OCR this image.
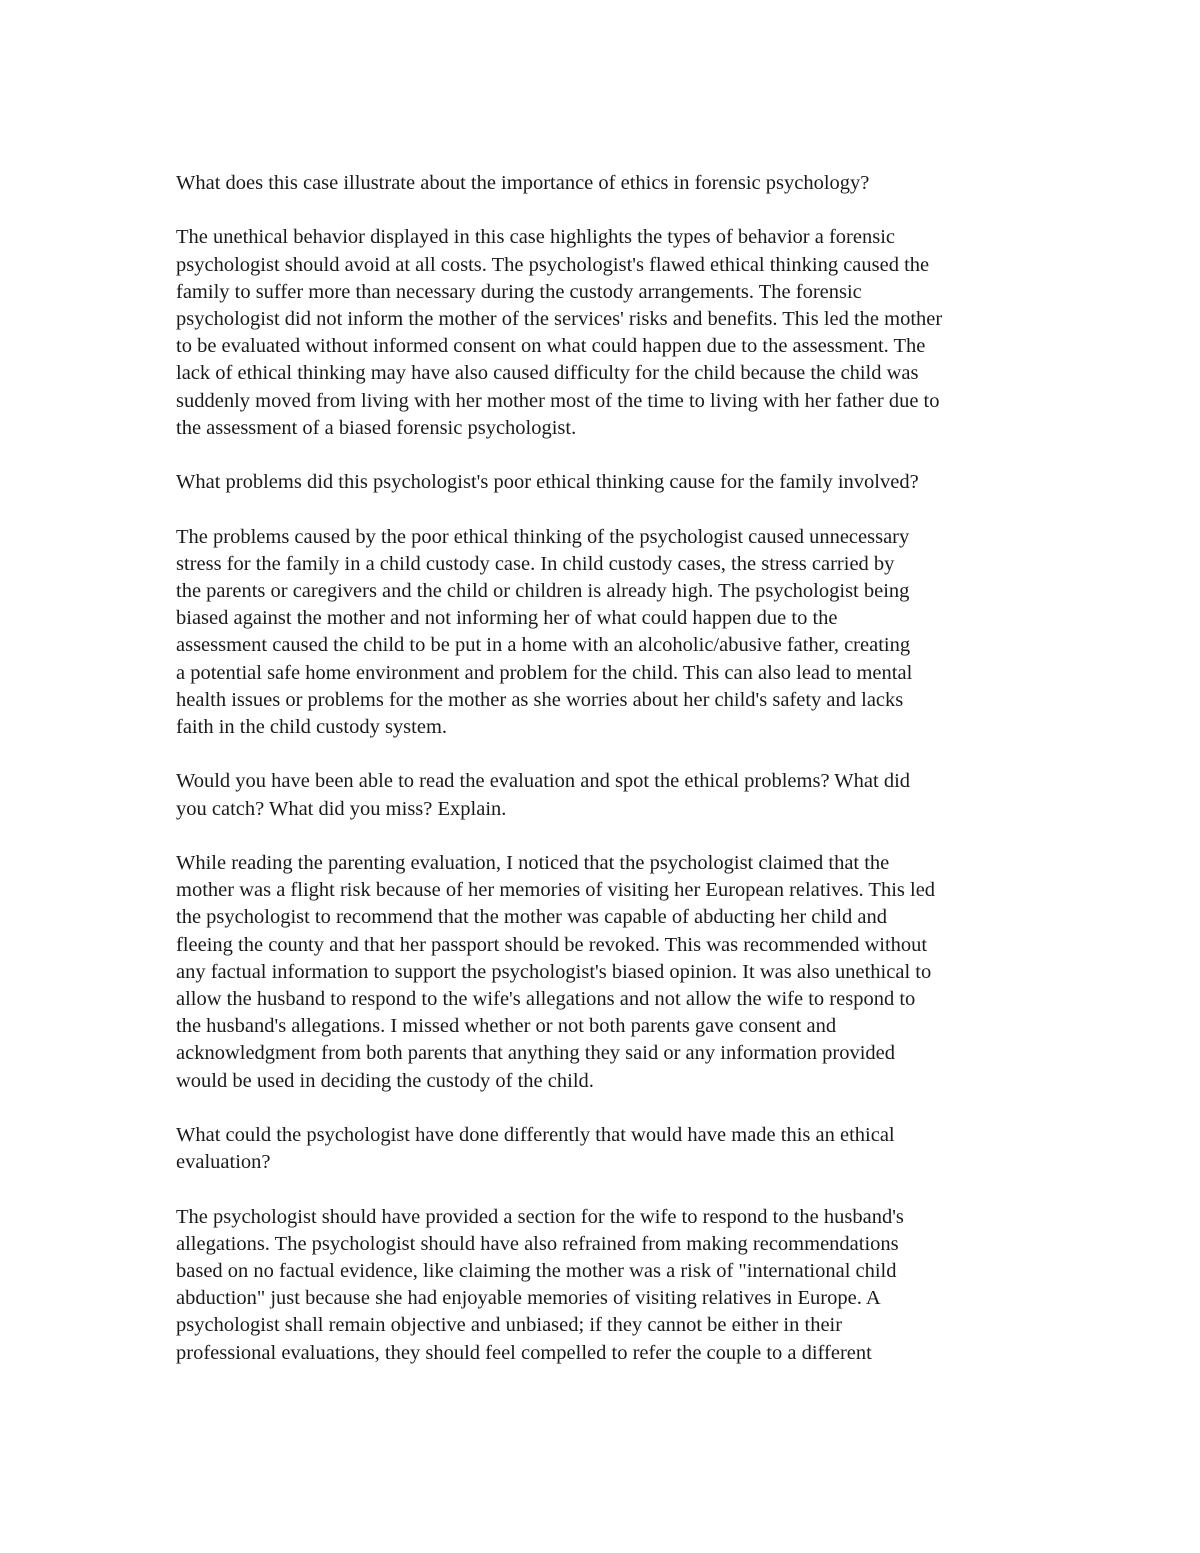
What does this case illustrate about the importance of ethics in forensic psychology?
The unethical behavior displayed in this case highlights the types of behavior a forensic
psychologist should avoid at all costs. The psychologist's flawed ethical thinking caused the
family to suffer more than necessary during the custody arrangements. The forensic
psychologist did not inform the mother of the services' risks and benefits. This led the mother
to be evaluated without informed consent on what could happen due to the assessment. The
lack of ethical thinking may have also caused difficulty for the child because the child was
suddenly moved from living with her mother most of the time to living with her father due to
the assessment of a biased forensic psychologist.
What problems did this psychologist's poor ethical thinking cause for the family involved?
The problems caused by the poor ethical thinking of the psychologist caused unnecessary
stress for the family in a child custody case. In child custody cases, the stress carried by
the parents or caregivers and the child or children is already high. The psychologist being
biased against the mother and not informing her of what could happen due to the
assessment caused the child to be put in a home with an alcoholic/abusive father, creating
a potential safe home environment and problem for the child. This can also lead to mental
health issues or problems for the mother as she worries about her child's safety and lacks
faith in the child custody system.
Would you have been able to read the evaluation and spot the ethical problems? What did
you catch? What did you miss? Explain.
While reading the parenting evaluation, I noticed that the psychologist claimed that the
mother was a flight risk because of her memories of visiting her European relatives. This led
the psychologist to recommend that the mother was capable of abducting her child and
fleeing the county and that her passport should be revoked. This was recommended without
any factual information to support the psychologist's biased opinion. It was also unethical to
allow the husband to respond to the wife's allegations and not allow the wife to respond to
the husband's allegations. I missed whether or not both parents gave consent and
acknowledgment from both parents that anything they said or any information provided
would be used in deciding the custody of the child.
What could the psychologist have done differently that would have made this an ethical
evaluation?
The psychologist should have provided a section for the wife to respond to the husband's
allegations. The psychologist should have also refrained from making recommendations
based on no factual evidence, like claiming the mother was a risk of "international child
abduction" just because she had enjoyable memories of visiting relatives in Europe. A
psychologist shall remain objective and unbiased; if they cannot be either in their
professional evaluations, they should feel compelled to refer the couple to a different
